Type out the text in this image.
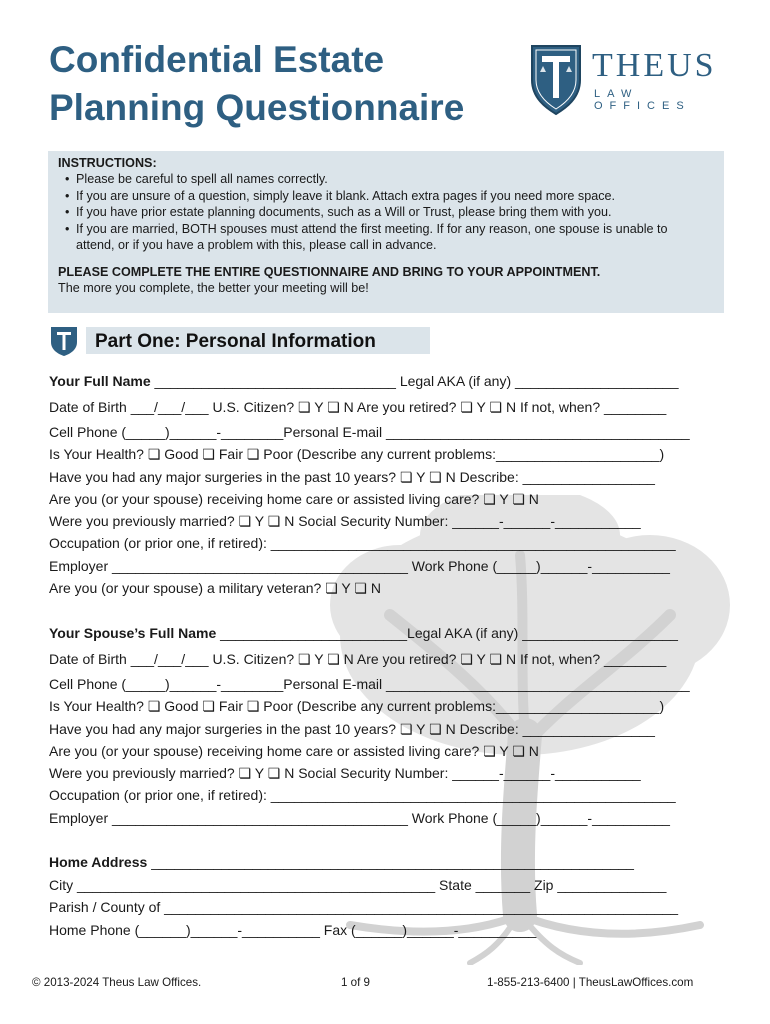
Confidential Estate
Planning Questionnaire
THEUS
LAW OFFICES
INSTRUCTIONS:
• Please be careful to spell all names correctly.
• If you are unsure of a question, simply leave it blank. Attach extra pages if you need more space.
• If you have prior estate planning documents, such as a Will or Trust, please bring them with you.
• If you are married, BOTH spouses must attend the first meeting. If for any reason, one spouse is unable to attend, or if you have a problem with this, please call in advance.
PLEASE COMPLETE THE ENTIRE QUESTIONNAIRE AND BRING TO YOUR APPOINTMENT.
The more you complete, the better your meeting will be!
Part One: Personal Information
Your Full Name _______________________________ Legal AKA (if any) _____________________
Date of Birth ___/___/___ U.S. Citizen? ❏ Y ❏ N Are you retired? ❏ Y ❏ N If not, when? ________
Cell Phone (_____)______-________Personal E-mail _______________________________________
Is Your Health? ❏ Good ❏ Fair ❏ Poor (Describe any current problems:_____________________)
Have you had any major surgeries in the past 10 years? ❏ Y ❏ N Describe: _________________
Are you (or your spouse) receiving home care or assisted living care? ❏ Y ❏ N
Were you previously married? ❏ Y ❏ N Social Security Number: ______-______-___________
Occupation (or prior one, if retired): ____________________________________________________
Employer ______________________________________ Work Phone (_____)______-__________
Are you (or your spouse) a military veteran? ❏ Y ❏ N
Your Spouse’s Full Name ________________________Legal AKA (if any) ____________________
Date of Birth ___/___/___ U.S. Citizen? ❏ Y ❏ N Are you retired? ❏ Y ❏ N If not, when? ________
Cell Phone (_____)______-________Personal E-mail _______________________________________
Is Your Health? ❏ Good ❏ Fair ❏ Poor (Describe any current problems:_____________________)
Have you had any major surgeries in the past 10 years? ❏ Y ❏ N Describe: _________________
Are you (or your spouse) receiving home care or assisted living care? ❏ Y ❏ N
Were you previously married? ❏ Y ❏ N Social Security Number: ______-______-___________
Occupation (or prior one, if retired): ____________________________________________________
Employer ______________________________________ Work Phone (_____)______-__________
Home Address ______________________________________________________________
City ______________________________________________ State _______ Zip ______________
Parish / County of __________________________________________________________________
Home Phone (______)______-__________ Fax (______)______-__________
© 2013-2024 Theus Law Offices.	1 of 9	1-855-213-6400 | TheusLawOffices.com
